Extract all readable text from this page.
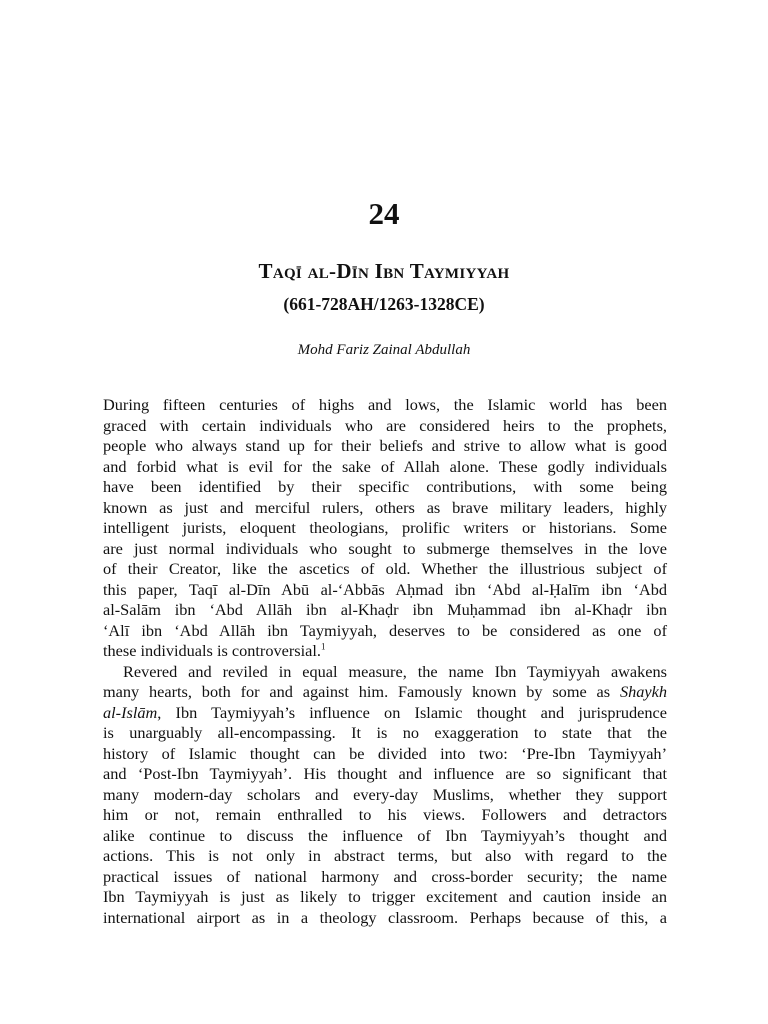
24
Taqī al-Dīn Ibn Taymiyyah
(661-728AH/1263-1328CE)
Mohd Fariz Zainal Abdullah

During fifteen centuries of highs and lows, the Islamic world has been
graced with certain individuals who are considered heirs to the prophets,
people who always stand up for their beliefs and strive to allow what is good
and forbid what is evil for the sake of Allah alone. These godly individuals
have been identified by their specific contributions, with some being
known as just and merciful rulers, others as brave military leaders, highly
intelligent jurists, eloquent theologians, prolific writers or historians. Some
are just normal individuals who sought to submerge themselves in the love
of their Creator, like the ascetics of old. Whether the illustrious subject of
this paper, Taqī al-Dīn Abū al-‘Abbās Aḥmad ibn ‘Abd al-Ḥalīm ibn ‘Abd
al-Salām ibn ‘Abd Allāh ibn al-Khaḍr ibn Muḥammad ibn al-Khaḍr ibn
‘Alī ibn ‘Abd Allāh ibn Taymiyyah, deserves to be considered as one of
these individuals is controversial.$^1$

Revered and reviled in equal measure, the name Ibn Taymiyyah awakens
many hearts, both for and against him. Famously known by some as Shaykh
al-Islām, Ibn Taymiyyah’s influence on Islamic thought and jurisprudence
is unarguably all-encompassing. It is no exaggeration to state that the
history of Islamic thought can be divided into two: ‘Pre-Ibn Taymiyyah’
and ‘Post-Ibn Taymiyyah’. His thought and influence are so significant that
many modern-day scholars and every-day Muslims, whether they support
him or not, remain enthralled to his views. Followers and detractors
alike continue to discuss the influence of Ibn Taymiyyah’s thought and
actions. This is not only in abstract terms, but also with regard to the
practical issues of national harmony and cross-border security; the name
Ibn Taymiyyah is just as likely to trigger excitement and caution inside an
international airport as in a theology classroom. Perhaps because of this, a
